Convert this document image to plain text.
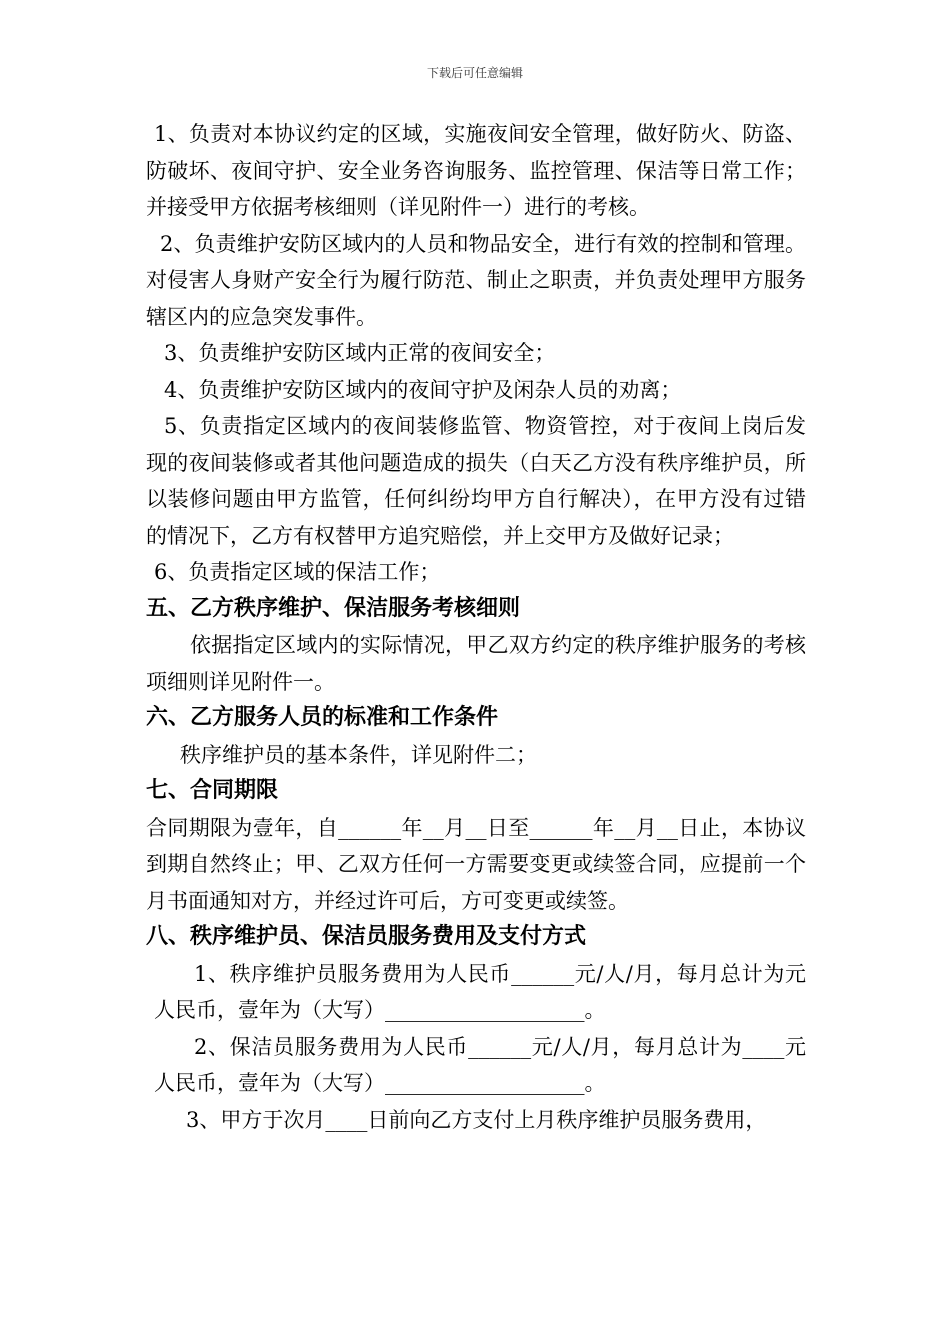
下载后可任意编辑

1、负责对本协议约定的区域，实施夜间安全管理，做好防火、防盗、防破坏、夜间守护、安全业务咨询服务、监控管理、保洁等日常工作；并接受甲方依据考核细则（详见附件一）进行的考核。

2、负责维护安防区域内的人员和物品安全，进行有效的控制和管理。对侵害人身财产安全行为履行防范、制止之职责，并负责处理甲方服务辖区内的应急突发事件。

3、负责维护安防区域内正常的夜间安全；

4、负责维护安防区域内的夜间守护及闲杂人员的劝离；

5、负责指定区域内的夜间装修监管、物资管控，对于夜间上岗后发现的夜间装修或者其他问题造成的损失（白天乙方没有秩序维护员，所以装修问题由甲方监管，任何纠纷均甲方自行解决），在甲方没有过错的情况下，乙方有权替甲方追究赔偿，并上交甲方及做好记录；

6、负责指定区域的保洁工作；

五、乙方秩序维护、保洁服务考核细则

依据指定区域内的实际情况，甲乙双方约定的秩序维护服务的考核项细则详见附件一。

六、乙方服务人员的标准和工作条件

秩序维护员的基本条件，详见附件二；

七、合同期限

合同期限为壹年，自______年__月__日至______年__月__日止，本协议到期自然终止；甲、乙双方任何一方需要变更或续签合同，应提前一个月书面通知对方，并经过许可后，方可变更或续签。

八、秩序维护员、保洁员服务费用及支付方式

1、秩序维护员服务费用为人民币______元/人/月，每月总计为元人民币，壹年为（大写）___________________。

2、保洁员服务费用为人民币______元/人/月，每月总计为____元人民币，壹年为（大写）___________________。

3、甲方于次月____日前向乙方支付上月秩序维护员服务费用，
